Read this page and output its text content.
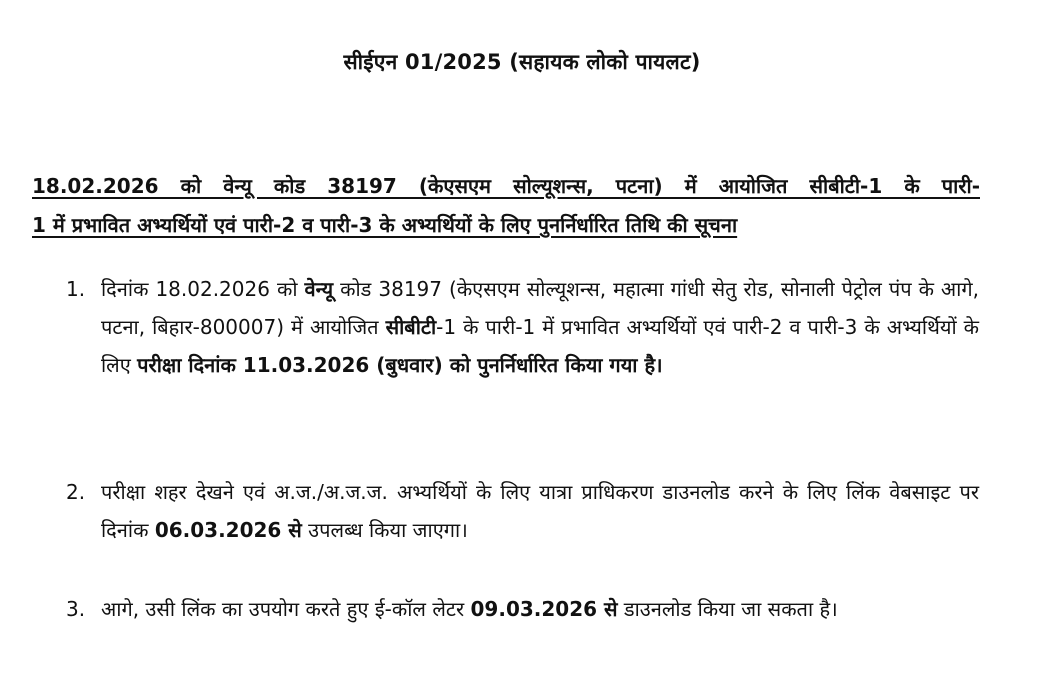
सीईएन 01/2025 (सहायक लोको पायलट)
18.02.2026 को वेन्यू कोड 38197 (केएसएम सोल्यूशन्स, पटना) में आयोजित सीबीटी-1 के पारी-
1 में प्रभावित अभ्यर्थियों एवं पारी-2 व पारी-3 के अभ्यर्थियों के लिए पुनर्निर्धारित तिथि की सूचना
1. दिनांक 18.02.2026 को वेन्यू कोड 38197 (केएसएम सोल्यूशन्स, महात्मा गांधी सेतु रोड, सोनाली पेट्रोल पंप के आगे, पटना, बिहार-800007) में आयोजित सीबीटी-1 के पारी-1 में प्रभावित अभ्यर्थियों एवं पारी-2 व पारी-3 के अभ्यर्थियों के लिए परीक्षा दिनांक 11.03.2026 (बुधवार) को पुनर्निर्धारित किया गया है।
2. परीक्षा शहर देखने एवं अ.ज./अ.ज.ज. अभ्यर्थियों के लिए यात्रा प्राधिकरण डाउनलोड करने के लिए लिंक वेबसाइट पर दिनांक 06.03.2026 से उपलब्ध किया जाएगा।
3. आगे, उसी लिंक का उपयोग करते हुए ई-कॉल लेटर 09.03.2026 से डाउनलोड किया जा सकता है।
